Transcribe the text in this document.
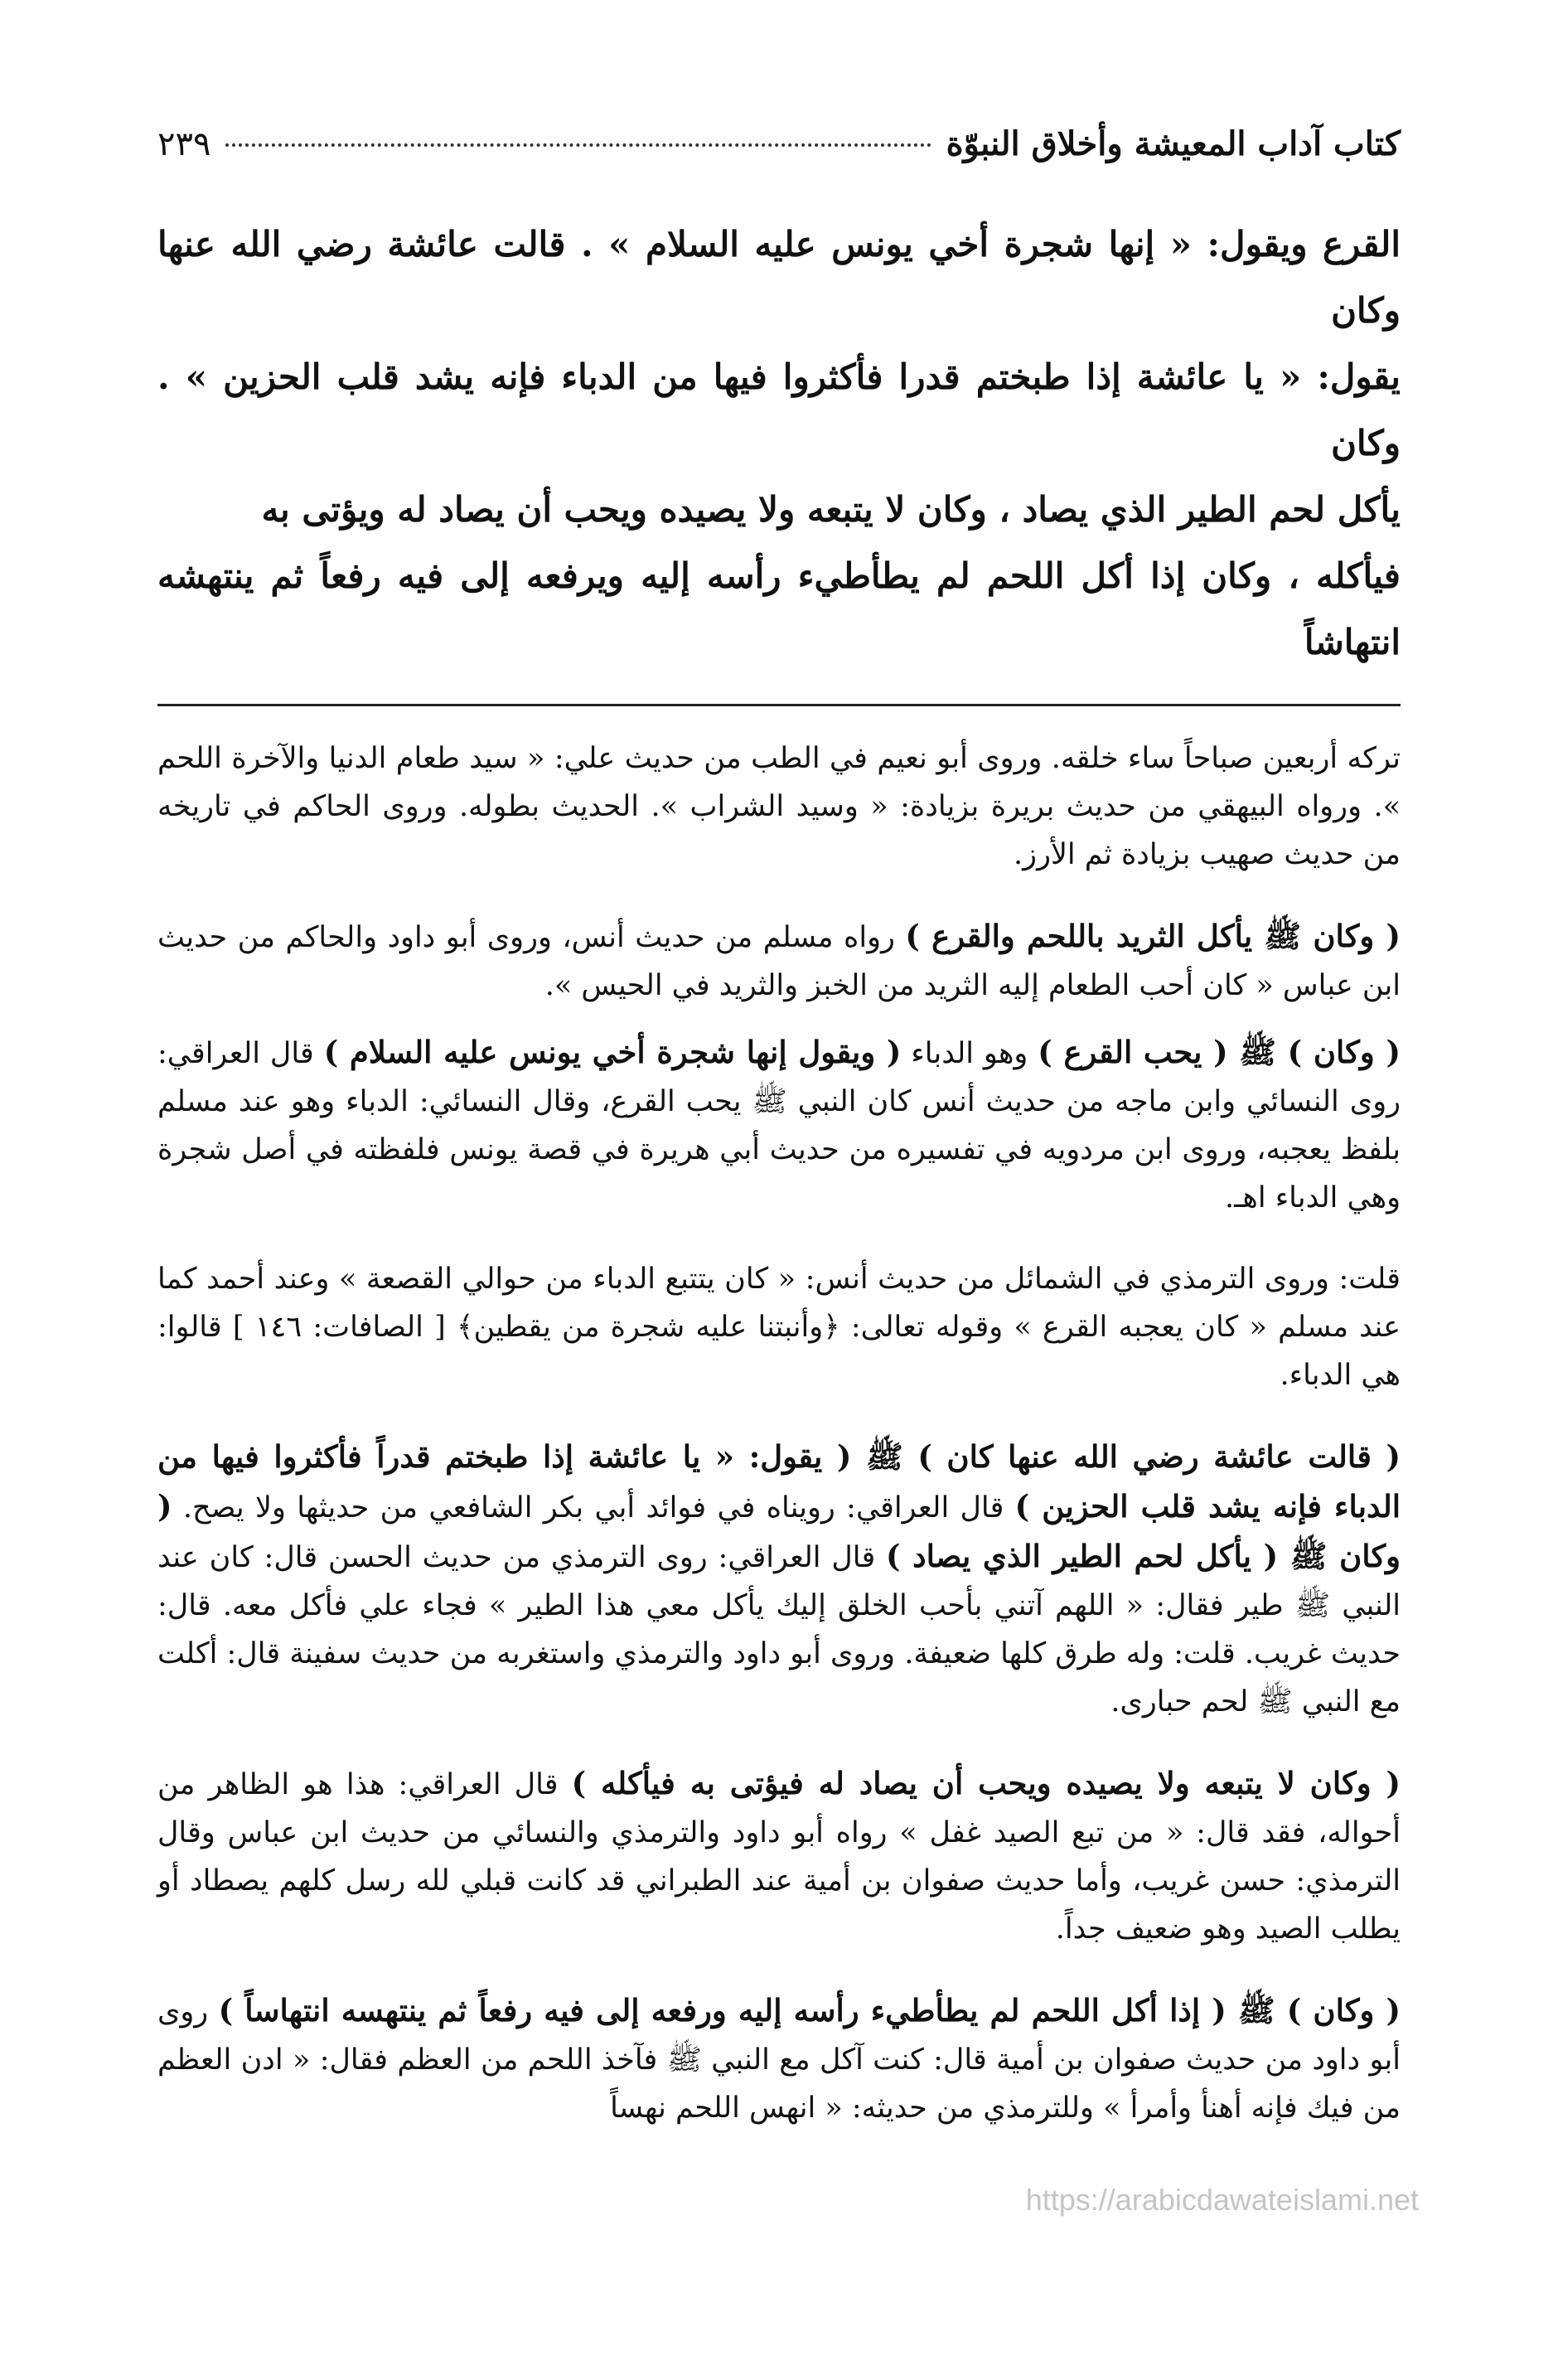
كتاب آداب المعيشة وأخلاق النبوّة
٢٣٩

القرع ويقول: « إنها شجرة أخي يونس عليه السلام » . قالت عائشة رضي الله عنها وكان

يقول: « يا عائشة إذا طبختم قدرا فأكثروا فيها من الدباء فإنه يشد قلب الحزين » . وكان

يأكل لحم الطير الذي يصاد ، وكان لا يتبعه ولا يصيده ويحب أن يصاد له ويؤتى به

فيأكله ، وكان إذا أكل اللحم لم يطأطيء رأسه إليه ويرفعه إلى فيه رفعاً ثم ينتهشه انتهاشاً

تركه أربعين صباحاً ساء خلقه. وروى أبو نعيم في الطب من حديث علي: « سيد طعام الدنيا والآخرة اللحم ». ورواه البيهقي من حديث بريرة بزيادة: « وسيد الشراب ». الحديث بطوله. وروى الحاكم في تاريخه من حديث صهيب بزيادة ثم الأرز.

( وكان ﷺ يأكل الثريد باللحم والقرع ) رواه مسلم من حديث أنس، وروى أبو داود والحاكم من حديث ابن عباس « كان أحب الطعام إليه الثريد من الخبز والثريد في الحيس ».

( وكان ) ﷺ ( يحب القرع ) وهو الدباء ( ويقول إنها شجرة أخي يونس عليه السلام ) قال العراقي: روى النسائي وابن ماجه من حديث أنس كان النبي ﷺ يحب القرع، وقال النسائي: الدباء وهو عند مسلم بلفظ يعجبه، وروى ابن مردويه في تفسيره من حديث أبي هريرة في قصة يونس فلفظته في أصل شجرة وهي الدباء اهـ.

قلت: وروى الترمذي في الشمائل من حديث أنس: « كان يتتبع الدباء من حوالي القصعة » وعند أحمد كما عند مسلم « كان يعجبه القرع » وقوله تعالى: ﴿وأنبتنا عليه شجرة من يقطين﴾ [ الصافات: ١٤٦ ] قالوا: هي الدباء.

( قالت عائشة رضي الله عنها كان ) ﷺ ( يقول: « يا عائشة إذا طبختم قدراً فأكثروا فيها من الدباء فإنه يشد قلب الحزين ) قال العراقي: رويناه في فوائد أبي بكر الشافعي من حديثها ولا يصح. ( وكان ﷺ ( يأكل لحم الطير الذي يصاد ) قال العراقي: روى الترمذي من حديث الحسن قال: كان عند النبي ﷺ طير فقال: « اللهم آتني بأحب الخلق إليك يأكل معي هذا الطير » فجاء علي فأكل معه. قال: حديث غريب. قلت: وله طرق كلها ضعيفة. وروى أبو داود والترمذي واستغربه من حديث سفينة قال: أكلت مع النبي ﷺ لحم حبارى.

( وكان لا يتبعه ولا يصيده ويحب أن يصاد له فيؤتى به فيأكله ) قال العراقي: هذا هو الظاهر من أحواله، فقد قال: « من تبع الصيد غفل » رواه أبو داود والترمذي والنسائي من حديث ابن عباس وقال الترمذي: حسن غريب، وأما حديث صفوان بن أمية عند الطبراني قد كانت قبلي لله رسل كلهم يصطاد أو يطلب الصيد وهو ضعيف جداً.

( وكان ) ﷺ ( إذا أكل اللحم لم يطأطيء رأسه إليه ورفعه إلى فيه رفعاً ثم ينتهسه انتهاساً ) روى أبو داود من حديث صفوان بن أمية قال: كنت آكل مع النبي ﷺ فآخذ اللحم من العظم فقال: « ادن العظم من فيك فإنه أهنأ وأمرأ » وللترمذي من حديثه: « انهس اللحم نهساً

https://arabicdawateislami.net
